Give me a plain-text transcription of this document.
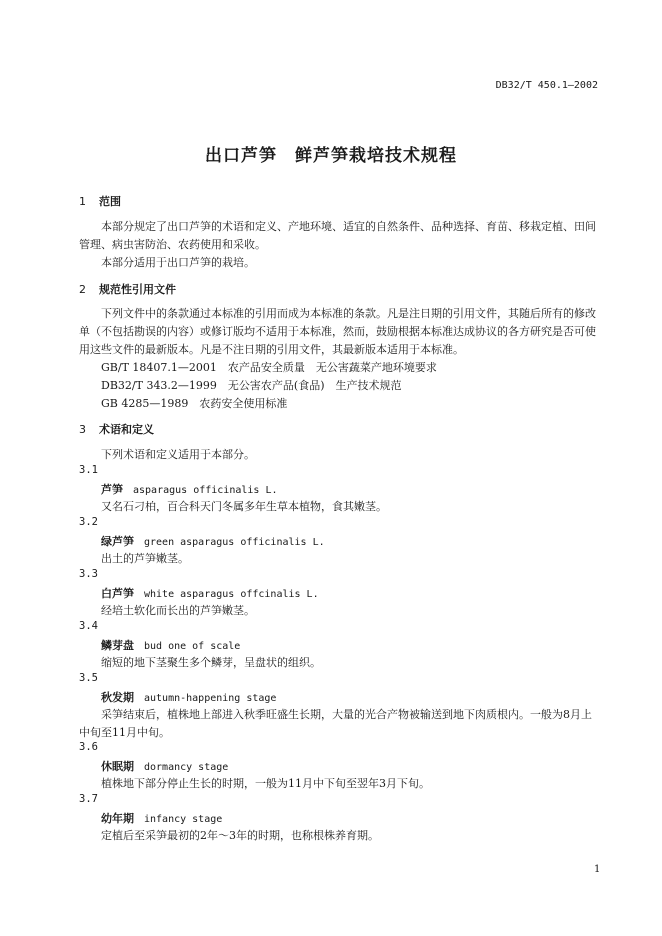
DB32/T 450.1—2002
出口芦笋　鲜芦笋栽培技术规程
1 范围
本部分规定了出口芦笋的术语和定义、产地环境、适宜的自然条件、品种选择、育苗、移栽定植、田间管理、病虫害防治、农药使用和采收。
本部分适用于出口芦笋的栽培。
2 规范性引用文件
下列文件中的条款通过本标准的引用而成为本标准的条款。凡是注日期的引用文件，其随后所有的修改单（不包括勘误的内容）或修订版均不适用于本标准，然而，鼓励根据本标准达成协议的各方研究是否可使用这些文件的最新版本。凡是不注日期的引用文件，其最新版本适用于本标准。
GB/T 18407.1—2001　农产品安全质量　无公害蔬菜产地环境要求
DB32/T 343.2—1999　无公害农产品(食品)　生产技术规范
GB 4285—1989　农药安全使用标准
3 术语和定义
下列术语和定义适用于本部分。
3.1
芦笋 asparagus officinalis L.
又名石刁柏，百合科天门冬属多年生草本植物，食其嫩茎。
3.2
绿芦笋 green asparagus officinalis L.
出土的芦笋嫩茎。
3.3
白芦笋 white asparagus offcinalis L.
经培土软化而长出的芦笋嫩茎。
3.4
鳞芽盘 bud one of scale
缩短的地下茎聚生多个鳞芽，呈盘状的组织。
3.5
秋发期 autumn-happening stage
采笋结束后，植株地上部进入秋季旺盛生长期，大量的光合产物被输送到地下肉质根内。一般为8月上中旬至11月中旬。
3.6
休眠期 dormancy stage
植株地下部分停止生长的时期，一般为11月中下旬至翌年3月下旬。
3.7
幼年期 infancy stage
定植后至采笋最初的2年～3年的时期，也称根株养育期。
1
